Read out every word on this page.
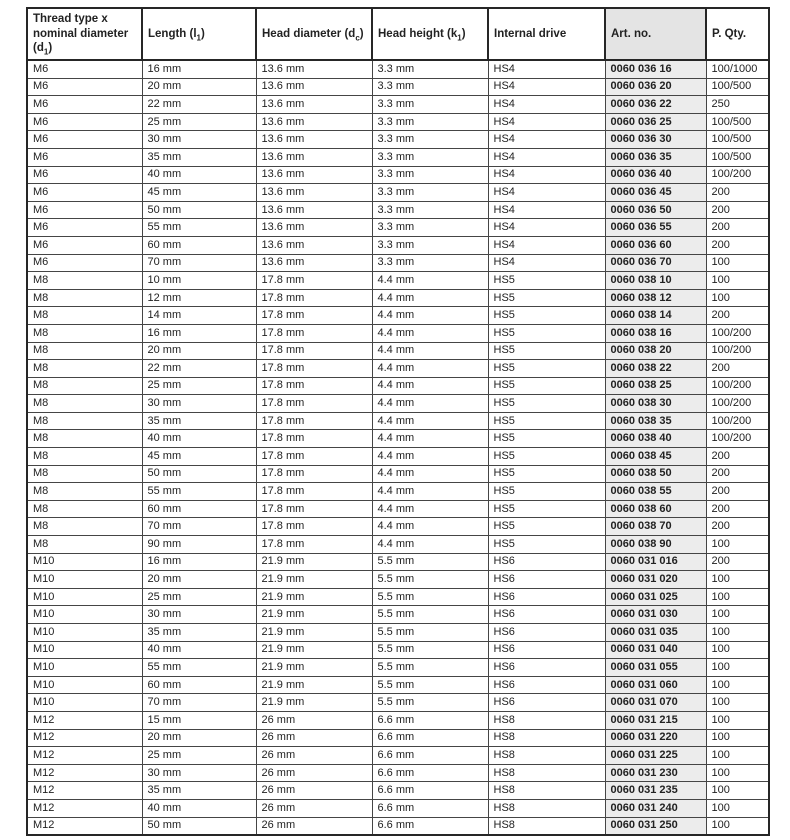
Thread type x nominal diameter $(d_1)$	Length $(l_1)$	Head diameter $(d_c)$	Head height $(k_1)$	Internal drive	Art. no.	P. Qty.
M6	16 mm	13.6 mm	3.3 mm	HS4	0060 036 16	100/1000
M6	20 mm	13.6 mm	3.3 mm	HS4	0060 036 20	100/500
M6	22 mm	13.6 mm	3.3 mm	HS4	0060 036 22	250
M6	25 mm	13.6 mm	3.3 mm	HS4	0060 036 25	100/500
M6	30 mm	13.6 mm	3.3 mm	HS4	0060 036 30	100/500
M6	35 mm	13.6 mm	3.3 mm	HS4	0060 036 35	100/500
M6	40 mm	13.6 mm	3.3 mm	HS4	0060 036 40	100/200
M6	45 mm	13.6 mm	3.3 mm	HS4	0060 036 45	200
M6	50 mm	13.6 mm	3.3 mm	HS4	0060 036 50	200
M6	55 mm	13.6 mm	3.3 mm	HS4	0060 036 55	200
M6	60 mm	13.6 mm	3.3 mm	HS4	0060 036 60	200
M6	70 mm	13.6 mm	3.3 mm	HS4	0060 036 70	100
M8	10 mm	17.8 mm	4.4 mm	HS5	0060 038 10	100
M8	12 mm	17.8 mm	4.4 mm	HS5	0060 038 12	100
M8	14 mm	17.8 mm	4.4 mm	HS5	0060 038 14	200
M8	16 mm	17.8 mm	4.4 mm	HS5	0060 038 16	100/200
M8	20 mm	17.8 mm	4.4 mm	HS5	0060 038 20	100/200
M8	22 mm	17.8 mm	4.4 mm	HS5	0060 038 22	200
M8	25 mm	17.8 mm	4.4 mm	HS5	0060 038 25	100/200
M8	30 mm	17.8 mm	4.4 mm	HS5	0060 038 30	100/200
M8	35 mm	17.8 mm	4.4 mm	HS5	0060 038 35	100/200
M8	40 mm	17.8 mm	4.4 mm	HS5	0060 038 40	100/200
M8	45 mm	17.8 mm	4.4 mm	HS5	0060 038 45	200
M8	50 mm	17.8 mm	4.4 mm	HS5	0060 038 50	200
M8	55 mm	17.8 mm	4.4 mm	HS5	0060 038 55	200
M8	60 mm	17.8 mm	4.4 mm	HS5	0060 038 60	200
M8	70 mm	17.8 mm	4.4 mm	HS5	0060 038 70	200
M8	90 mm	17.8 mm	4.4 mm	HS5	0060 038 90	100
M10	16 mm	21.9 mm	5.5 mm	HS6	0060 031 016	200
M10	20 mm	21.9 mm	5.5 mm	HS6	0060 031 020	100
M10	25 mm	21.9 mm	5.5 mm	HS6	0060 031 025	100
M10	30 mm	21.9 mm	5.5 mm	HS6	0060 031 030	100
M10	35 mm	21.9 mm	5.5 mm	HS6	0060 031 035	100
M10	40 mm	21.9 mm	5.5 mm	HS6	0060 031 040	100
M10	55 mm	21.9 mm	5.5 mm	HS6	0060 031 055	100
M10	60 mm	21.9 mm	5.5 mm	HS6	0060 031 060	100
M10	70 mm	21.9 mm	5.5 mm	HS6	0060 031 070	100
M12	15 mm	26 mm	6.6 mm	HS8	0060 031 215	100
M12	20 mm	26 mm	6.6 mm	HS8	0060 031 220	100
M12	25 mm	26 mm	6.6 mm	HS8	0060 031 225	100
M12	30 mm	26 mm	6.6 mm	HS8	0060 031 230	100
M12	35 mm	26 mm	6.6 mm	HS8	0060 031 235	100
M12	40 mm	26 mm	6.6 mm	HS8	0060 031 240	100
M12	50 mm	26 mm	6.6 mm	HS8	0060 031 250	100
